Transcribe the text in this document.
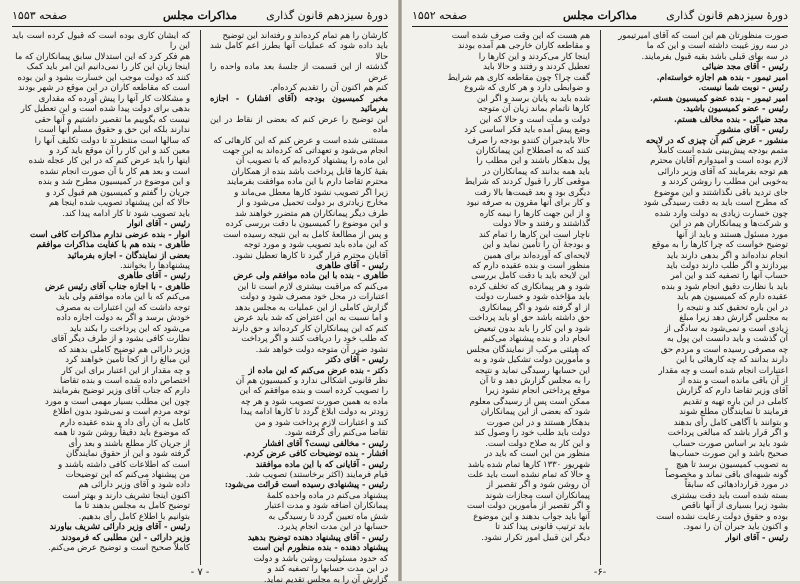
دورهٔ سیزدهم قانون گذاری
مذاکرات مجلس
صفحه ۱۵۵۳

کارشان را هم تمام کرده‌اند و رفته‌اند این توضیح

باید داده شود که عملیات آنها بطرز اعم کامل شد حالا

گذشته از این قسمت از جلسهٔ بعد ماده واحده را عرض

کنم هم اکنون آن را تقدیم کرده‌ام.

مخبر کمیسیون بودجه (آقای افشار) - اجازه بفرمائید

این توضیح را عرض کنم که بعضی از نقاط در این ماده

مستثنی شده است و عرض کنم که این کارهائی که

انجام می‌شود و تعهداتی که کرده‌اند به این جهت

این ماده را پیشنهاد کرده‌ایم که با تصویب آن

بقیهٔ کارها قابل پرداخت باشد بنده از همکاران

محترم تقاضا دارم با این ماده موافقت بفرمایند

زیرا اگر تصویب نشود کارها معطل می‌ماند و

مخارج زیادتری بر دولت تحمیل می‌شود و از

طرف دیگر پیمانکاران هم متضرر خواهند شد

و این موضوع را کمیسیون با دقت بررسی کرده

و پس از مطالعهٔ کامل به این نتیجه رسیده است

که این ماده باید تصویب شود و مورد توجه

آقایان محترم قرار گیرد تا کارها تعطیل نشود.

رئیس - آقای طاهری

طاهری - بنده با این ماده موافقم ولی عرض

می‌کنم که مراقبت بیشتری لازم است تا این

اعتبارات در محل خود مصرف شود و دولت

گزارش کاملی از این عملیات به مجلس بدهد

و اما نسبت به این اعتراض که شد باید عرض

کنم که این پیمانکاران کار کرده‌اند و حق دارند

که طلب خود را دریافت کنند و اگر پرداخت

نشود ضرر آن متوجه دولت خواهد شد.

رئیس - آقای دکتر

دکتر - بنده عرض می‌کنم که این ماده از

نظر قانونی اشکالی ندارد و کمیسیون هم آن

را تصویب کرده است و بنده موافقم که این

ماده به همین صورت تصویب شود و هر چه

زودتر به دولت ابلاغ گردد تا کارها ادامه پیدا

کند و اعتبارات لازم پرداخت شود و من

تقاضا می‌کنم رأی گرفته شود.

رئیس - مخالفی نیست؟ آقای افشار

افشار - بنده توضیحات کافی عرض کردم.

رئیس - آقایانی که با این ماده موافقند

قیام فرمایند (اکثر برخاستند) تصویب شد.

رئیس - پیشنهادی رسیده است قرائت می‌شود:

پیشنهاد می‌کنم در ماده واحده کلمهٔ

پیمانکاران اضافه شود و مدت اعتبار

شش ماه تعیین گردد تا رسیدگی به

حسابها در این مدت انجام پذیرد.

رئیس - آقای پیشنهاد دهنده توضیح بدهید

پیشنهاد دهنده - بنده منظورم این است

که حدود مسئولیت روشن باشد و دولت

در این مدت حسابها را تصفیه کند و

گزارش آن را به مجلس تقدیم نماید.

که ایشان کاری بوده است که قبول کرده است باید این را

هم فکر کرد که این استدلال سابق پیمانکاران که ما

اینجا زبان این کار را نمی‌دانیم این امر باید کمک

کنند که دولت موجب این خسارت بشود و این بوده

است که مقاطعه کاران در این موقع در شهر بودند

و مشکلات کار آنها را پیش آورده که مقداری

بدهی برای دولت پیدا شده است و این تعطیل کار

نیست که بگوییم ما تقصیر داشتیم و آنها حقی

ندارند بلکه این حق و حقوق مسلم آنها است

که سالها است منتظرند تا دولت تکلیف آنها را

معین کند و این کار را آن موقع باید کرد و

اینها را باید عرض کنم که در این کار عجله شده

است و بعد هم کار با آن صورت انجام نشده

و این موضوع در کمیسیون مطرح شد و بنده

جریان را گفتم و کمیسیون هم قبول کرد و

حالا که این پیشنهاد تصویب شده اینجا هم

باید تصویب شود تا کار ادامه پیدا کند.

رئیس - آقای انوار

انوار - بنده عرضی ندارم مذاکرات کافی است

طاهری - بنده هم با کفایت مذاکرات موافقم

بعضی از نمایندگان - اجازه بفرمائید

پیشنهادها را بخوانند.

رئیس - آقای طاهری

طاهری - با اجازه جناب آقای رئیس عرض

می‌کنم که با این ماده موافقم ولی باید

توجه داشت که این اعتبارات به مصرف

خودش برسد و اگر به دولت اجازه داده

می‌شود که این پرداخت را بکند باید

نظارت کافی بشود و از طرف دیگر آقای

وزیر دارائی هم توضیح کاملی بدهند که

این مبالغ را از کجا تأمین خواهند کرد

و چه مقدار از این اعتبار برای این کار

اختصاص داده شده است و بنده تقاضا

دارم که جناب آقای وزیر توضیح بفرمایند

چون این مطلب بسیار مهمی است و مورد

توجه مردم است و نمی‌شود بدون اطلاع

کامل به آن رأی داد و بنده عقیده دارم

که موضوع باید دقیقاً روشن شود تا همه

از جریان کار مطلع باشند و بعد رأی

گرفته شود و این از حقوق نمایندگان

است که اطلاعات کافی داشته باشند و

من پیشنهاد می‌کنم که این توضیحات

داده شود و آقای وزیر دارائی هم

اکنون اینجا تشریف دارند و بهتر است

توضیح کامل به مجلس بدهند تا ما

بتوانیم با اطلاع کامل رأی بدهیم.

رئیس - آقای وزیر دارائی تشریف بیاورند

وزیر دارائی - این مطلبی که فرمودند

کاملاً صحیح است و توضیح عرض می‌کنم.

- ۷ -
دورهٔ سیزدهم قانون گذاری
مذاکرات مجلس
صفحه ۱۵۵۲

صورت منظورتان هم این است که آقای امیرتیمور

در سه روز غیبت داشته است و این که ما

در سه بهای قبلی باشد بقیه قبول بفرمایند.

رئیس - آقای مجد ضیائی

امیر تیمور - بنده هم اجازه خواسته‌ام.

رئیس - نوبت شما نیست.

امیر تیمور - بنده عضو کمیسیون هستم.

رئیس - عضو کمیسیون باشید.

مجد ضیائی - بنده مخالف هستم.

رئیس - آقای منشور

منشور - عرض کنم آن چیزی که در لایحه

متمم بودجه پیش‌بینی شده است کاملاً

لازم بوده است و امیدوارم آقایان محترم

هم توجه بفرمایند که آقای وزیر دارائی

به‌خوبی این مطلب را روشن کردند و

جای تردید باقی نگذاشتند و این موضوع

که مطرح است باید به دقت رسیدگی شود

چون خسارت زیادی به دولت وارد شده

و شرکت‌ها و پیمانکاران هم در این

مورد مسئول هستند و باید از آنها

توضیح خواست که چرا کارها را به موقع

انجام نداده‌اند و اگر بدهی دارند باید

بپردازند و اگر طلب دارند دولت باید

حساب آنها را تصفیه کند و این امر

باید با نظارت دقیق انجام شود و بنده

عقیده دارم که کمیسیون هم باید

در این باره تحقیق کند و نتیجه را

به مجلس گزارش دهد زیرا مبلغ

زیادی است و نمی‌شود به سادگی از

آن گذشت و باید دانست این پول به

چه مصرفی رسیده است و مردم حق

دارند بدانند که چه کارهائی با این

اعتبارات انجام شده است و چه مقدار

از آن باقی مانده است و بنده از

آقای وزیر تقاضا دارم که گزارش

کاملی در این باره تهیه و تقدیم

فرمایند تا نمایندگان مطلع شوند

و بتوانند با آگاهی کامل رأی بدهند

و اگر قرار باشد که مبالغی پرداخت

شود باید بر اساس صورت حساب

صحیح باشد و این صورت حساب‌ها

به تصویب کمیسیون برسد تا هیچ

گونه شبهه‌ای باقی نماند و مخصوصاً

در مورد قراردادهائی که سابقاً

بسته شده است باید دقت بیشتری

بشود زیرا بسیاری از آنها ناقص

بوده و حقوق دولت رعایت نشده است

و اکنون باید جبران آن را نمود.

رئیس - آقای انوار

هم هست که این وقت صرف شده است

و مقاطعه کاران خارجی هم آمده بودند

اینجا کار می‌کردند و این کارها را

تعطیل کردند و رفتند و حالا باید

گفت چرا؟ چون مقاطعه کاری هم شرایط

و ضوابطی دارد و هر کاری که شروع

شده باید به پایان برسد و اگر این

کارها ناتمام بماند زیان آن متوجه

دولت و ملت است و حالا که این

وضع پیش آمده باید فکر اساسی کرد

حالا بایدجبران کنندو بودجه را صرف

کنند که به اصطلاح این پیمانکاران

پول بدهکار باشند و این مطلب را

باید همه بدانند که پیمانکاران در

موقعی کار را قبول کردند که شرایط

دیگری بود و بعد قیمت‌ها بالا رفت

و کار برای آنها مقرون به صرفه نبود

و از این جهت کارها را نیمه کاره

گذاشتند و رفتند و حالا دولت

ناچار است این کارها را تمام کند

و بودجهٔ آن را تأمین نماید و این

لایحه‌ای که آورده‌اند برای همین

منظور است و بنده عقیده دارم که

این لایحه باید با دقت کامل بررسی

شود و هر پیمانکاری که تخلف کرده

باید مؤاخذه شود و خسارت دولت

از او گرفته شود و اگر پیمانکاری

حق داشته باشد حق او باید پرداخت

شود و این کار را باید بدون تبعیض

انجام داد و بنده پیشنهاد می‌کنم

که هیئتی مرکب از نمایندگان مجلس

و مأمورین دولت تشکیل شود و به

این حسابها رسیدگی نماید و نتیجه

را به مجلس گزارش دهد و تا آن

موقع پرداختی انجام نشود زیرا

ممکن است پس از رسیدگی معلوم

شود که بعضی از این پیمانکاران

بدهکار هستند و در این صورت

دولت باید طلب خود را وصول کند

و این کار به صلاح دولت است.

منظور من این است که باید در

شهریور ۱۳۳۰ کارها تمام شده باشد

و حالا که تمام نشده است باید علت

آن روشن شود و اگر تقصیر از

پیمانکاران است مجازات شوند

و اگر تقصیر از مأمورین دولت است

آنها باید جواب بدهند و این موضوع

باید ترتیب قانونی پیدا کند تا

دیگر این قبیل امور تکرار نشود.

-۶-
